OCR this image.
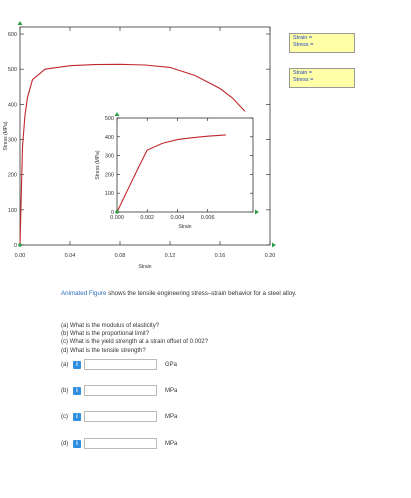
0.00	0.04	0.08	0.12	0.16	0.20
0
100
200
300
400
500
600
Strain
Stress (MPa)
0.000	0.002	0.004	0.006
0
100
200
300
400
500
Strain
Stress (MPa)
Strain =
Stress =
Strain =
Stress =
Animated Figure shows the tensile engineering stress–strain behavior for a steel alloy.
(a) What is the modulus of elasticity?
(b) What is the proportional limit?
(c) What is the yield strength at a strain offset of 0.002?
(d) What is the tensile strength?
(a)	i	GPa
(b)	i	MPa
(c)	i	MPa
(d)	i	MPa
